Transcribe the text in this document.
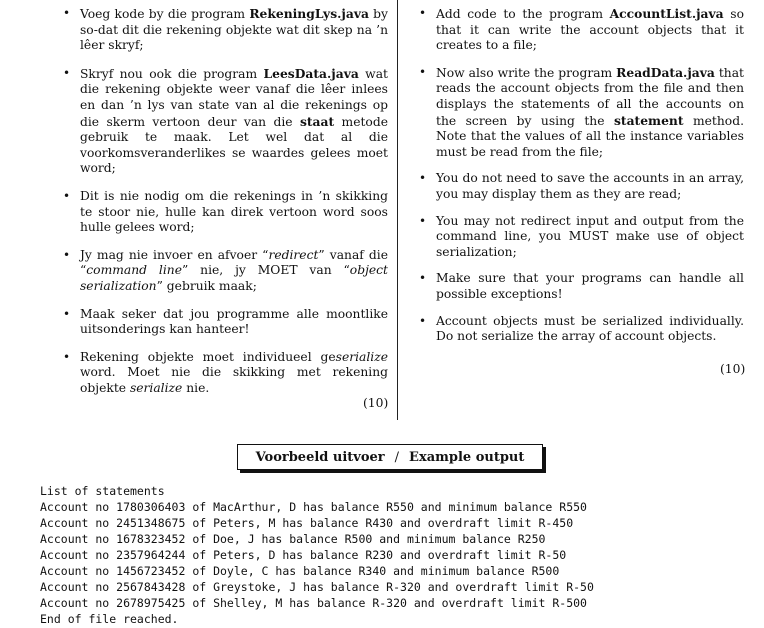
• Voeg kode by die program RekeningLys.java by so-dat dit die rekening objekte wat dit skep na ’n lêer skryf;
• Skryf nou ook die program LeesData.java wat die rekening objekte weer vanaf die lêer inlees en dan ’n lys van state van al die rekenings op die skerm vertoon deur van die staat metode gebruik te maak. Let wel dat al die voorkomsveranderlikes se waardes gelees moet word;
• Dit is nie nodig om die rekenings in ’n skikking te stoor nie, hulle kan direk vertoon word soos hulle gelees word;
• Jy mag nie invoer en afvoer “redirect” vanaf die “command line” nie, jy MOET van “object serialization” gebruik maak;
• Maak seker dat jou programme alle moontlike uitsonderings kan hanteer!
• Rekening objekte moet individueel geserialize word. Moet nie die skikking met rekening objekte serialize nie.
• Add code to the program AccountList.java so that it can write the account objects that it creates to a file;
• Now also write the program ReadData.java that reads the account objects from the file and then displays the statements of all the accounts on the screen by using the statement method. Note that the values of all the instance variables must be read from the file;
• You do not need to save the accounts in an array, you may display them as they are read;
• You may not redirect input and output from the command line, you MUST make use of object serialization;
• Make sure that your programs can handle all possible exceptions!
• Account objects must be serialized individually. Do not serialize the array of account objects.
(10)
(10)
Voorbeeld uitvoer / Example output
List of statements
Account no 1780306403 of MacArthur, D has balance R550 and minimum balance R550
Account no 2451348675 of Peters, M has balance R430 and overdraft limit R-450
Account no 1678323452 of Doe, J has balance R500 and minimum balance R250
Account no 2357964244 of Peters, D has balance R230 and overdraft limit R-50
Account no 1456723452 of Doyle, C has balance R340 and minimum balance R500
Account no 2567843428 of Greystoke, J has balance R-320 and overdraft limit R-50
Account no 2678975425 of Shelley, M has balance R-320 and overdraft limit R-500
End of file reached.
